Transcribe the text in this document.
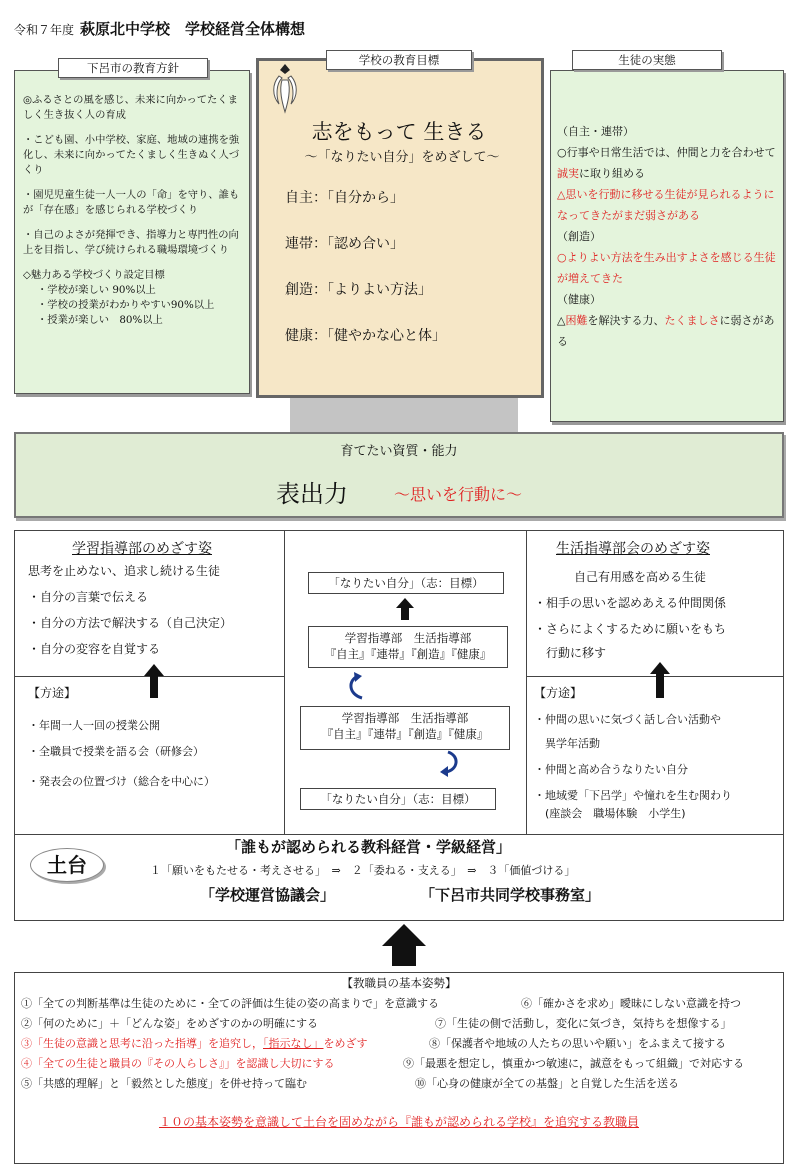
令和７年度 萩原北中学校　学校経営全体構想

◎ふるさとの風を感じ、未来に向かってたくましく生き抜く人の育成

・こども園、小中学校、家庭、地域の連携を強化し、未来に向かってたくましく生きぬく人づくり

・園児児童生徒一人一人の「命」を守り、誰もが「存在感」を感じられる学校づくり

・自己のよさが発揮でき、指導力と専門性の向上を目指し、学び続けられる職場環境づくり

◇魅力ある学校づくり設定目標
・学校が楽しい 90%以上
・学校の授業がわかりやすい90%以上
・授業が楽しい　80%以上
下呂市の教育方針
志をもって 生きる
～「なりたい自分」をめざして～
自主：「自分から」
連帯：「認め合い」
創造：「よりよい方法」
健康：「健やかな心と体」
学校の教育目標
（自主・連帯）
○行事や日常生活では、仲間と力を合わせて誠実に取り組める
△思いを行動に移せる生徒が見られるようになってきたがまだ弱さがある
（創造）
○よりよい方法を生み出すよさを感じる生徒が増えてきた
（健康）
△困難を解決する力、たくましさに弱さがある
生徒の実態
育てたい資質・能力
表出力	～思いを行動に～
学習指導部のめざす姿
思考を止めない、追求し続ける生徒
・自分の言葉で伝える
・自分の方法で解決する（自己決定）
・自分の変容を自覚する
【方途】
・年間一人一回の授業公開
・全職員で授業を語る会（研修会）
・発表会の位置づけ（総合を中心に）
「なりたい自分」（志：目標）
学習指導部　生活指導部
『自主』『連帯』『創造』『健康』
学習指導部　生活指導部
『自主』『連帯』『創造』『健康』
「なりたい自分」（志：目標）
生活指導部会のめざす姿
自己有用感を高める生徒
・相手の思いを認めあえる仲間関係
・さらによくするために願いをもち
　行動に移す
【方途】
・仲間の思いに気づく話し合い活動や
　異学年活動
・仲間と高め合うなりたい自分
・地域愛「下呂学」や憧れを生む関わり
　(座談会　職場体験　小学生)
土台
「誰もが認められる教科経営・学級経営」
１「願いをもたせる・考えさせる」　⇒　２「委ねる・支える」　⇒　３「価値づける」
「学校運営協議会」	「下呂市共同学校事務室」
【教職員の基本姿勢】
①「全ての判断基準は生徒のために・全ての評価は生徒の姿の高まりで」を意識する	⑥「確かさを求め」曖昧にしない意識を持つ
②「何のために」＋「どんな姿」をめざすのかの明確にする	⑦「生徒の側で活動し，変化に気づき，気持ちを想像する」
③「生徒の意識と思考に沿った指導」を追究し，「指示なし」をめざす	⑧「保護者や地域の人たちの思いや願い」をふまえて接する
④「全ての生徒と職員の『その人らしさ』」を認識し大切にする	⑨「最悪を想定し，慎重かつ敏速に，誠意をもって組織」で対応する
⑤「共感的理解」と「毅然とした態度」を併せ持って臨む	⑩「心身の健康が全ての基盤」と自覚した生活を送る
１０の基本姿勢を意識して土台を固めながら『誰もが認められる学校』を追究する教職員
